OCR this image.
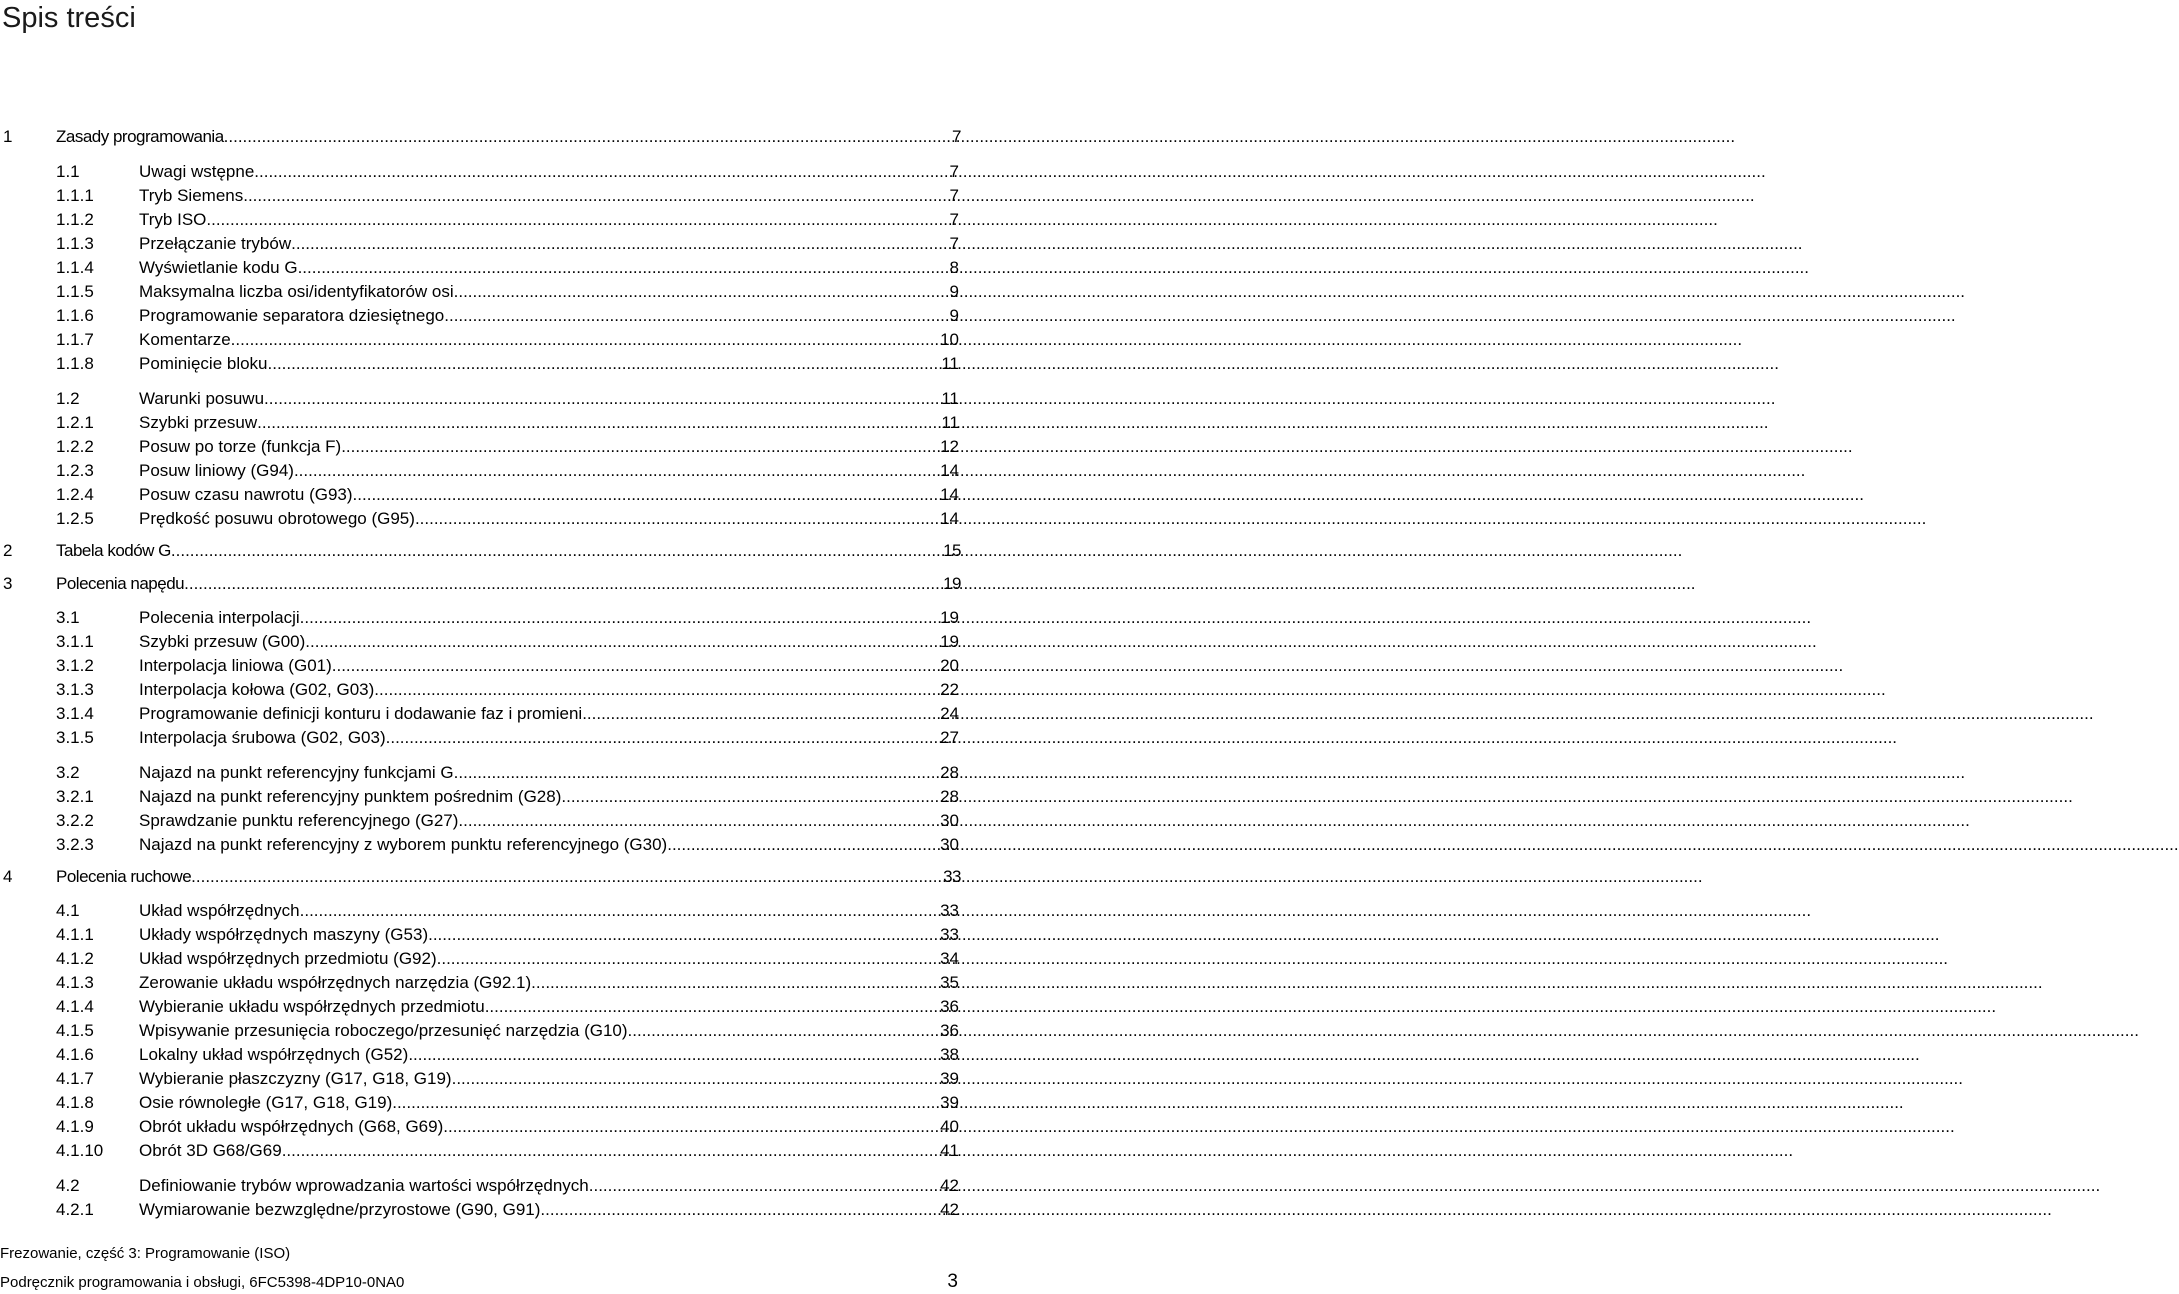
Spis treści
1	Zasady programowania .....	7
1.1	Uwagi wstępne .....	7
1.1.1	Tryb Siemens .....	7
1.1.2	Tryb ISO .....	7
1.1.3	Przełączanie trybów .....	7
1.1.4	Wyświetlanie kodu G .....	8
1.1.5	Maksymalna liczba osi/identyfikatorów osi .....	9
1.1.6	Programowanie separatora dziesiętnego .....	9
1.1.7	Komentarze .....	10
1.1.8	Pominięcie bloku .....	11
1.2	Warunki posuwu .....	11
1.2.1	Szybki przesuw .....	11
1.2.2	Posuw po torze (funkcja F) .....	12
1.2.3	Posuw liniowy (G94) .....	14
1.2.4	Posuw czasu nawrotu (G93) .....	14
1.2.5	Prędkość posuwu obrotowego (G95) .....	14
2	Tabela kodów G .....	15
3	Polecenia napędu .....	19
3.1	Polecenia interpolacji .....	19
3.1.1	Szybki przesuw (G00) .....	19
3.1.2	Interpolacja liniowa (G01) .....	20
3.1.3	Interpolacja kołowa (G02, G03) .....	22
3.1.4	Programowanie definicji konturu i dodawanie faz i promieni .....	24
3.1.5	Interpolacja śrubowa (G02, G03) .....	27
3.2	Najazd na punkt referencyjny funkcjami G .....	28
3.2.1	Najazd na punkt referencyjny punktem pośrednim (G28) .....	28
3.2.2	Sprawdzanie punktu referencyjnego (G27) .....	30
3.2.3	Najazd na punkt referencyjny z wyborem punktu referencyjnego (G30) .....	30
4	Polecenia ruchowe .....	33
4.1	Układ współrzędnych .....	33
4.1.1	Układy współrzędnych maszyny (G53) .....	33
4.1.2	Układ współrzędnych przedmiotu (G92) .....	34
4.1.3	Zerowanie układu współrzędnych narzędzia (G92.1) .....	35
4.1.4	Wybieranie układu współrzędnych przedmiotu .....	36
4.1.5	Wpisywanie przesunięcia roboczego/przesunięć narzędzia (G10) .....	36
4.1.6	Lokalny układ współrzędnych (G52) .....	38
4.1.7	Wybieranie płaszczyzny (G17, G18, G19) .....	39
4.1.8	Osie równoległe (G17, G18, G19) .....	39
4.1.9	Obrót układu współrzędnych (G68, G69) .....	40
4.1.10	Obrót 3D G68/G69 .....	41
4.2	Definiowanie trybów wprowadzania wartości współrzędnych .....	42
4.2.1	Wymiarowanie bezwzględne/przyrostowe (G90, G91) .....	42
Frezowanie, część 3: Programowanie (ISO)
Podręcznik programowania i obsługi, 6FC5398-4DP10-0NA0	3
